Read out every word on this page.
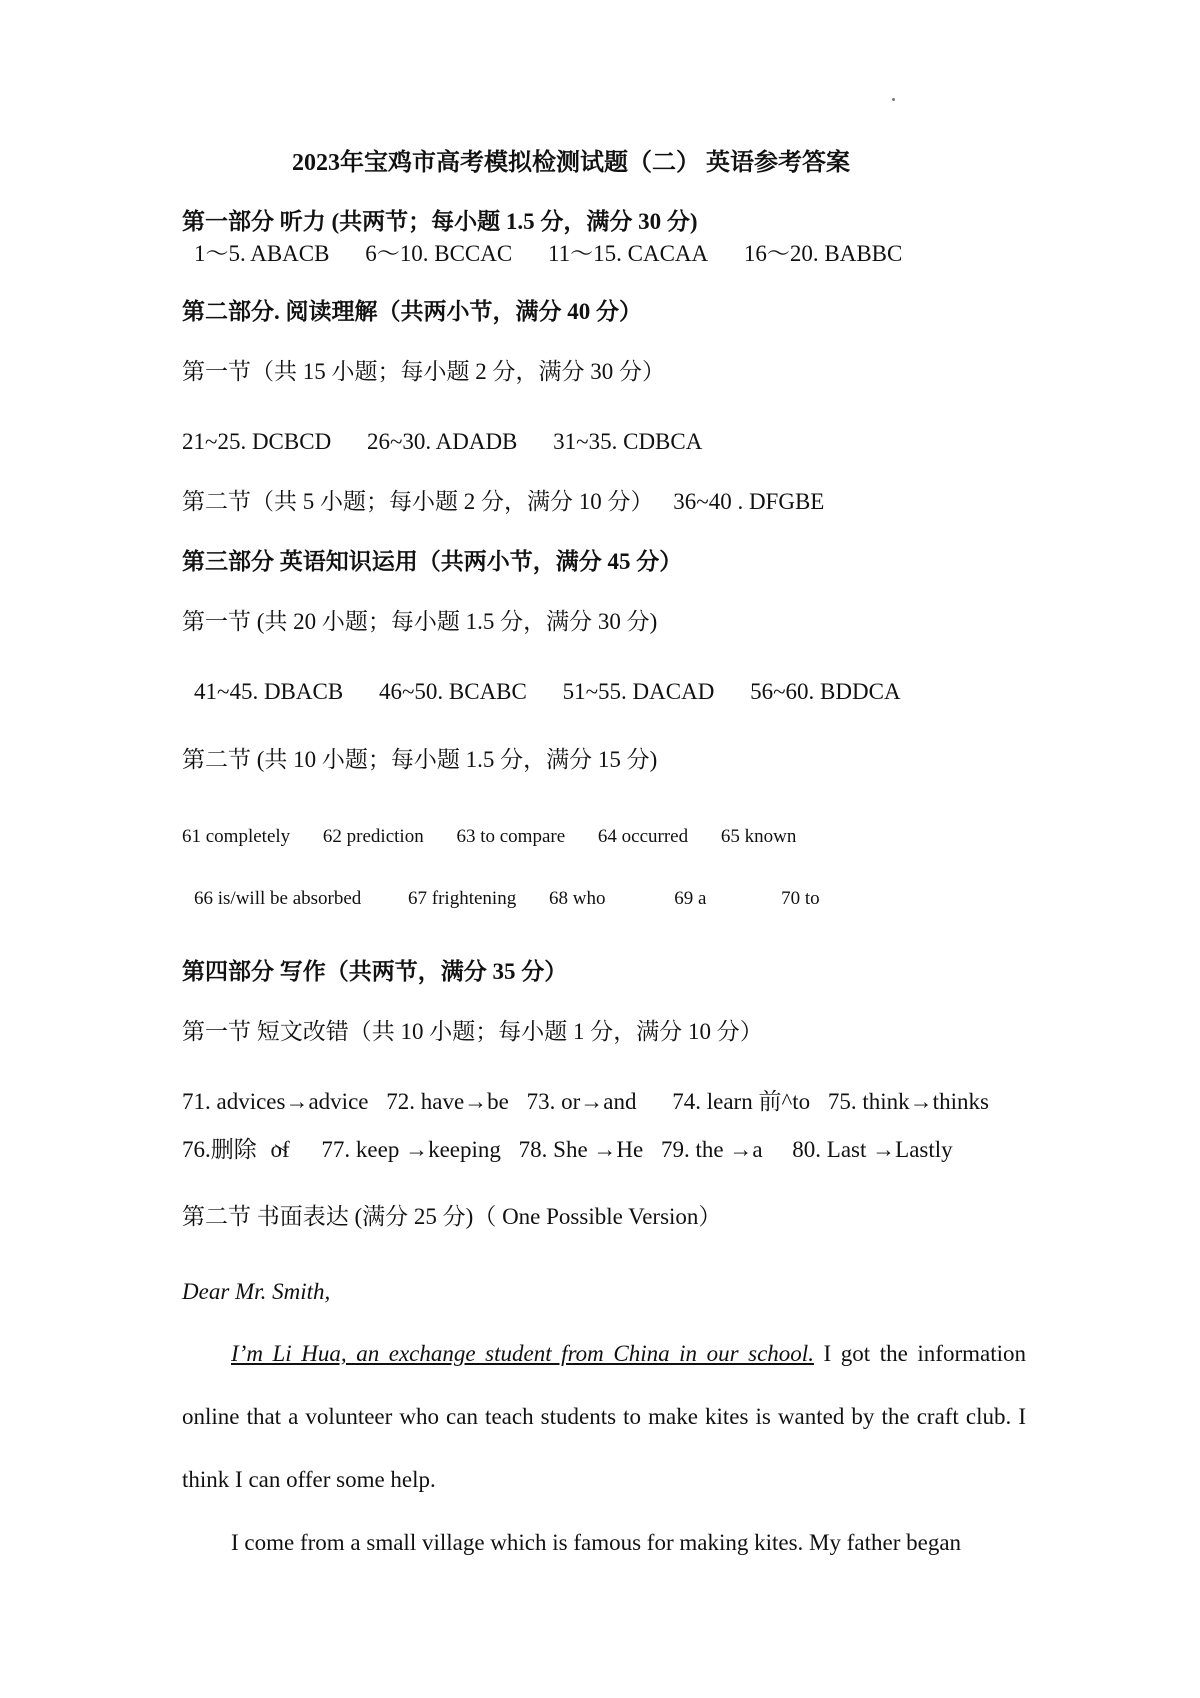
2023年宝鸡市高考模拟检测试题（二） 英语参考答案
第一部分 听力 (共两节；每小题 1.5 分，满分 30 分)
1～5. ABACB 6～10. BCCAC 11～15. CACAA 16～20. BABBC
第二部分. 阅读理解（共两小节，满分 40 分）
第一节（共 15 小题；每小题 2 分，满分 30 分）
21~25. DCBCD 26~30. ADADB 31~35. CDBCA
第二节（共 5 小题；每小题 2 分，满分 10 分） 36~40 . DFGBE
第三部分 英语知识运用（共两小节，满分 45 分）
第一节 (共 20 小题；每小题 1.5 分，满分 30 分)
41~45. DBACB 46~50. BCABC 51~55. DACAD 56~60. BDDCA
第二节 (共 10 小题；每小题 1.5 分，满分 15 分)
61 completely 62 prediction 63 to compare 64 occurred 65 known
66 is/will be absorbed 67 frightening 68 who	69 a	70 to
第四部分 写作（共两节，满分 35 分）
第一节 短文改错（共 10 小题；每小题 1 分，满分 10 分）
71. advices→advice 72. have→be 73. or→and 74. learn 前^to 75. think→thinks
76.删除 of 77. keep →keeping 78. She →He 79. the →a 80. Last →Lastly
第二节 书面表达 (满分 25 分)（ One Possible Version）
Dear Mr. Smith,
I’m Li Hua, an exchange student from China in our school. I got the information online that a volunteer who can teach students to make kites is wanted by the craft club. I think I can offer some help.
I come from a small village which is famous for making kites. My father began
